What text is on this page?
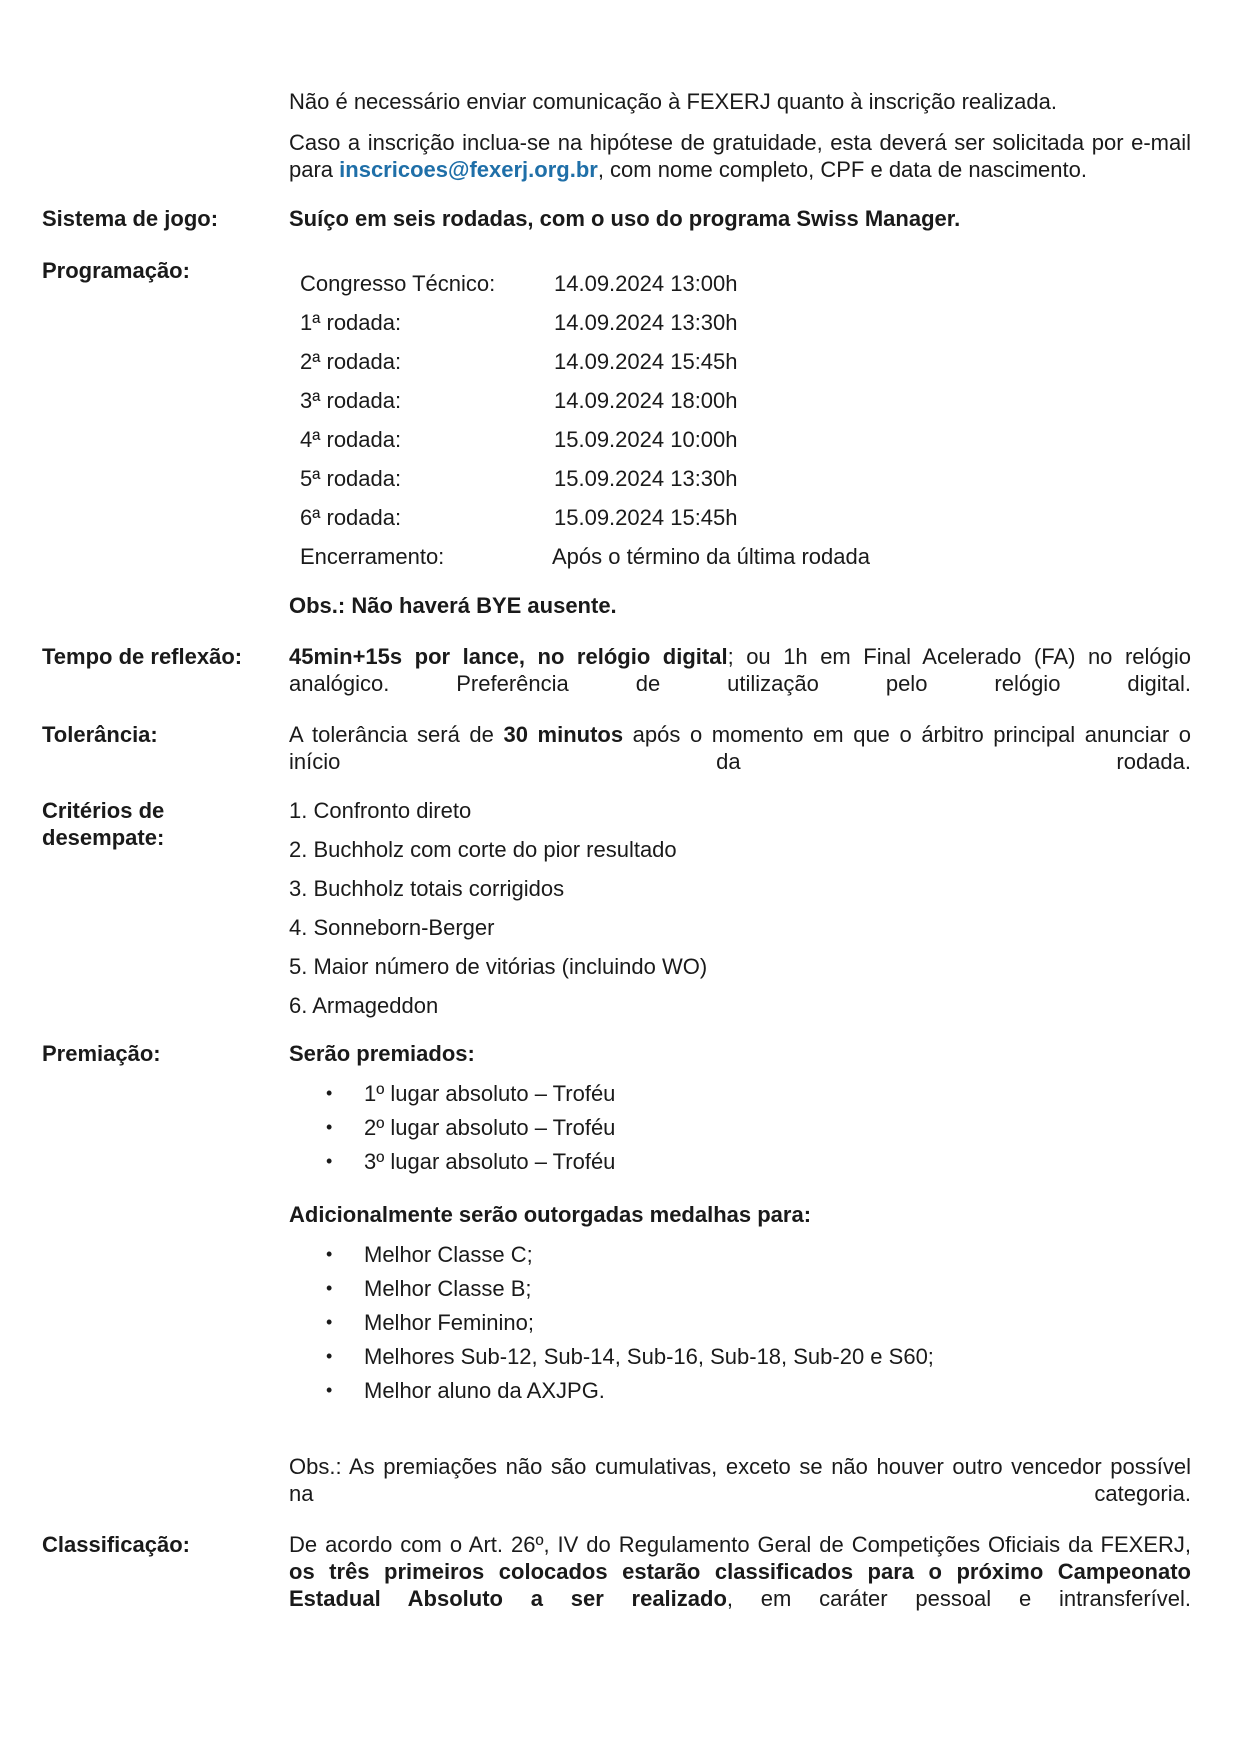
Não é necessário enviar comunicação à FEXERJ quanto à inscrição realizada.
Caso a inscrição inclua-se na hipótese de gratuidade, esta deverá ser solicitada por e-mail para inscricoes@fexerj.org.br, com nome completo, CPF e data de nascimento.
Sistema de jogo:	Suíço em seis rodadas, com o uso do programa Swiss Manager.
Programação:
Congresso Técnico:	14.09.2024 13:00h
1ª rodada:	14.09.2024 13:30h
2ª rodada:	14.09.2024 15:45h
3ª rodada:	14.09.2024 18:00h
4ª rodada:	15.09.2024 10:00h
5ª rodada:	15.09.2024 13:30h
6ª rodada:	15.09.2024 15:45h
Encerramento:	Após o término da última rodada
Obs.: Não haverá BYE ausente.
Tempo de reflexão:	45min+15s por lance, no relógio digital; ou 1h em Final Acelerado (FA) no relógio analógico. Preferência de utilização pelo relógio digital.
Tolerância:	A tolerância será de 30 minutos após o momento em que o árbitro principal anunciar o início da rodada.
Critérios de
desempate:
1. Confronto direto
2. Buchholz com corte do pior resultado
3. Buchholz totais corrigidos
4. Sonneborn-Berger
5. Maior número de vitórias (incluindo WO)
6. Armageddon
Premiação:	Serão premiados:
•	1º lugar absoluto – Troféu
•	2º lugar absoluto – Troféu
•	3º lugar absoluto – Troféu
Adicionalmente serão outorgadas medalhas para:
•	Melhor Classe C;
•	Melhor Classe B;
•	Melhor Feminino;
•	Melhores Sub-12, Sub-14, Sub-16, Sub-18, Sub-20 e S60;
•	Melhor aluno da AXJPG.
Obs.: As premiações não são cumulativas, exceto se não houver outro vencedor possível na categoria.
Classificação:	De acordo com o Art. 26º, IV do Regulamento Geral de Competições Oficiais da FEXERJ, os três primeiros colocados estarão classificados para o próximo Campeonato Estadual Absoluto a ser realizado, em caráter pessoal e intransferível.
